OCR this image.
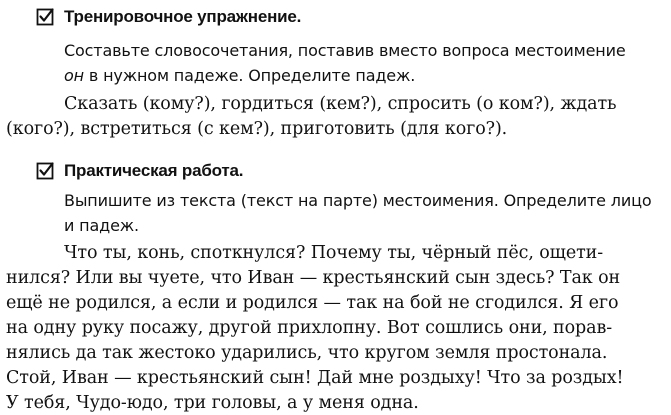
Тренировочное упражнение.
Составьте словосочетания, поставив вместо вопроса местоимение
он в нужном падеже. Определите падеж.
Сказать (кому?), гордиться (кем?), спросить (о ком?), ждать
(кого?), встретиться (с кем?), приготовить (для кого?).
Практическая работа.
Выпишите из текста (текст на парте) местоимения. Определите лицо
и падеж.
Что ты, конь, споткнулся? Почему ты, чёрный пёс, ощети-
нился? Или вы чуете, что Иван — крестьянский сын здесь? Так он
ещё не родился, а если и родился — так на бой не сгодился. Я его
на одну руку посажу, другой прихлопну. Вот сошлись они, порав-
нялись да так жестоко ударились, что кругом земля простонала.
Стой, Иван — крестьянский сын! Дай мне роздыху! Что за роздых!
У тебя, Чудо-юдо, три головы, а у меня одна.
